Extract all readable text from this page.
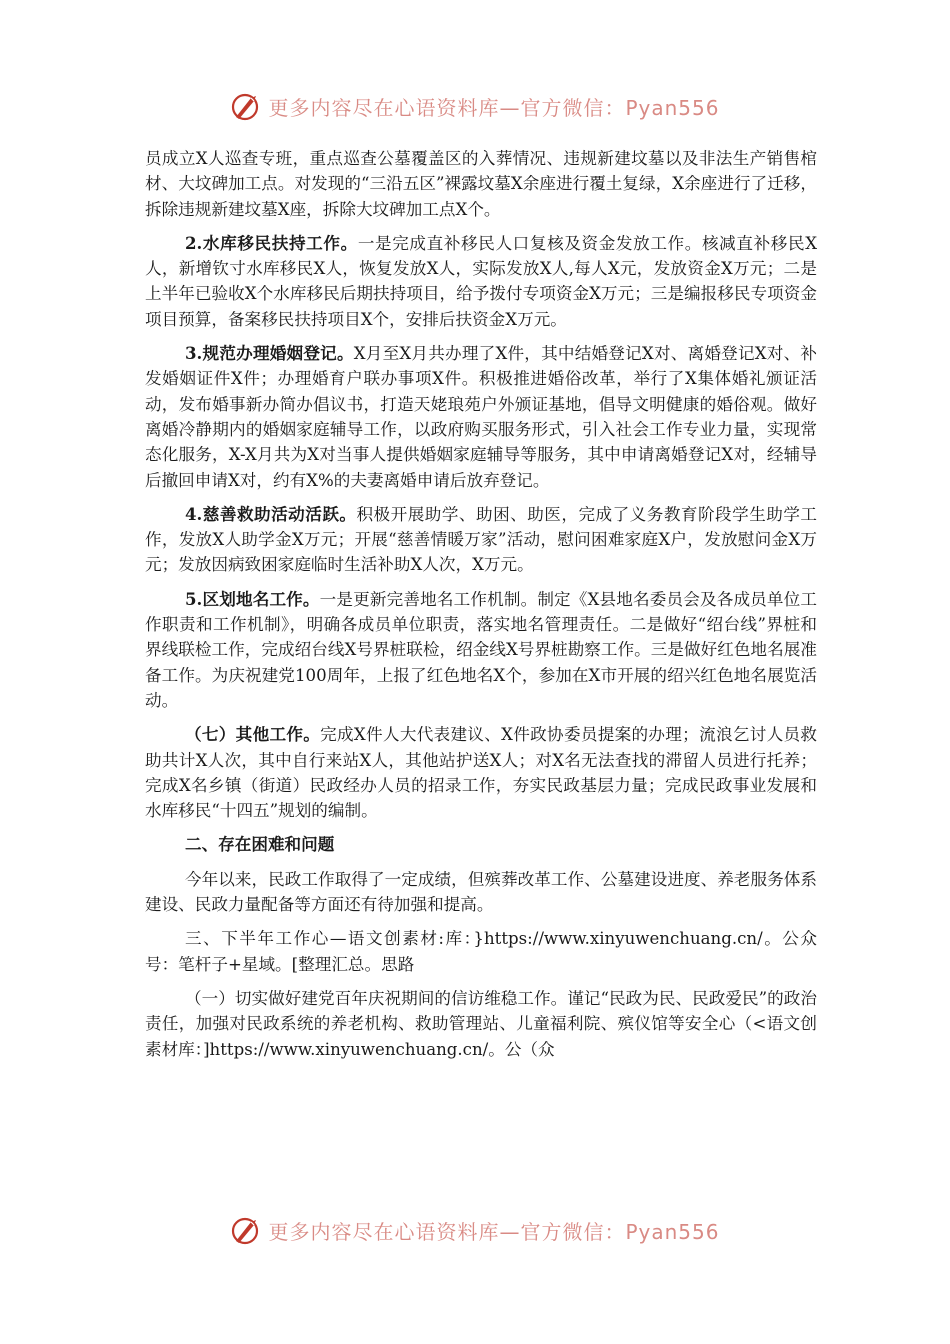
更多内容尽在心语资料库—官方微信：Pyan556

员成立X人巡查专班，重点巡查公墓覆盖区的入葬情况、违规新建坟墓以及非法生产销售棺材、大坟碑加工点。对发现的“三沿五区”裸露坟墓X余座进行覆土复绿，X余座进行了迁移，拆除违规新建坟墓X座，拆除大坟碑加工点X个。

2.水库移民扶持工作。一是完成直补移民人口复核及资金发放工作。核减直补移民X人，新增钦寸水库移民X人，恢复发放X人，实际发放X人,每人X元，发放资金X万元；二是上半年已验收X个水库移民后期扶持项目，给予拨付专项资金X万元；三是编报移民专项资金项目预算，备案移民扶持项目X个，安排后扶资金X万元。

3.规范办理婚姻登记。X月至X月共办理了X件，其中结婚登记X对、离婚登记X对、补发婚姻证件X件；办理婚育户联办事项X件。积极推进婚俗改革，举行了X集体婚礼颁证活动，发布婚事新办简办倡议书，打造天姥琅苑户外颁证基地，倡导文明健康的婚俗观。做好离婚冷静期内的婚姻家庭辅导工作，以政府购买服务形式，引入社会工作专业力量，实现常态化服务，X-X月共为X对当事人提供婚姻家庭辅导等服务，其中申请离婚登记X对，经辅导后撤回申请X对，约有X%的夫妻离婚申请后放弃登记。

4.慈善救助活动活跃。积极开展助学、助困、助医，完成了义务教育阶段学生助学工作，发放X人助学金X万元；开展“慈善情暖万家”活动，慰问困难家庭X户，发放慰问金X万元；发放因病致困家庭临时生活补助X人次，X万元。

5.区划地名工作。一是更新完善地名工作机制。制定《X县地名委员会及各成员单位工作职责和工作机制》，明确各成员单位职责，落实地名管理责任。二是做好“绍台线”界桩和界线联检工作，完成绍台线X号界桩联检，绍金线X号界桩勘察工作。三是做好红色地名展准备工作。为庆祝建党100周年，上报了红色地名X个，参加在X市开展的绍兴红色地名展览活动。

（七）其他工作。完成X件人大代表建议、X件政协委员提案的办理；流浪乞讨人员救助共计X人次，其中自行来站X人，其他站护送X人；对X名无法查找的滞留人员进行托养；完成X名乡镇（街道）民政经办人员的招录工作，夯实民政基层力量；完成民政事业发展和水库移民“十四五”规划的编制。

二、存在困难和问题

今年以来，民政工作取得了一定成绩，但殡葬改革工作、公墓建设进度、养老服务体系建设、民政力量配备等方面还有待加强和提高。

三、下半年工作心—语文创素材:库：}https://www.xinyuwenchuang.cn/。公众号：笔杆子+星域。[整理汇总。思路

（一）切实做好建党百年庆祝期间的信访维稳工作。谨记“民政为民、民政爱民”的政治责任，加强对民政系统的养老机构、救助管理站、儿童福利院、殡仪馆等安全心（<语文创素材库：]https://www.xinyuwenchuang.cn/。公（众

更多内容尽在心语资料库—官方微信：Pyan556
